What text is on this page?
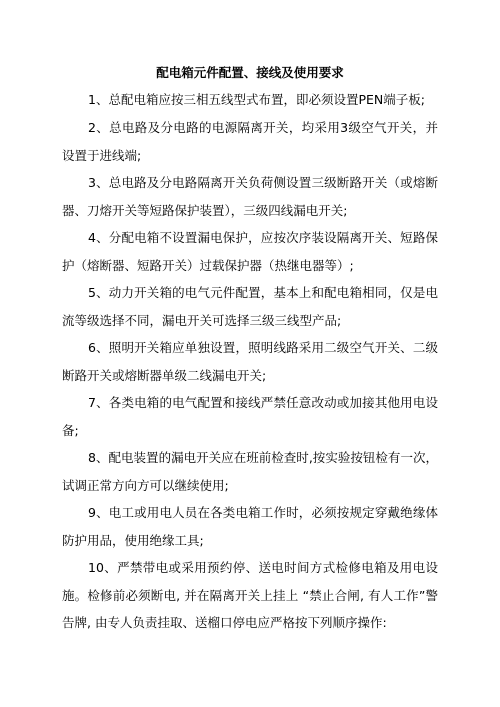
配电箱元件配置、接线及使用要求

1、总配电箱应按三相五线型式布置，即必须设置PEN端子板;

2、总电路及分电路的电源隔离开关，均采用3级空气开关，并设置于进线端;

3、总电路及分电路隔离开关负荷侧设置三级断路开关（或熔断器、刀熔开关等短路保护装置），三级四线漏电开关;

4、分配电箱不设置漏电保护，应按次序装设隔离开关、短路保护（熔断器、短路开关）过载保护器（热继电器等）;

5、动力开关箱的电气元件配置，基本上和配电箱相同，仅是电流等级选择不同，漏电开关可选择三级三线型产品;

6、照明开关箱应单独设置，照明线路采用二级空气开关、二级断路开关或熔断器单级二线漏电开关;

7、各类电箱的电气配置和接线严禁任意改动或加接其他用电设备;

8、配电装置的漏电开关应在班前检查时,按实验按钮检有一次，试调正常方向方可以继续使用;

9、电工或用电人员在各类电箱工作时，必须按规定穿戴绝缘体防护用品，使用绝缘工具;

10、严禁带电或采用预约停、送电时间方式检修电箱及用电设施。检修前必须断电, 并在隔离开关上挂上 “禁止合闸, 有人工作”警告牌, 由专人负责挂取、送榴口停电应严格按下列顺序操作:
